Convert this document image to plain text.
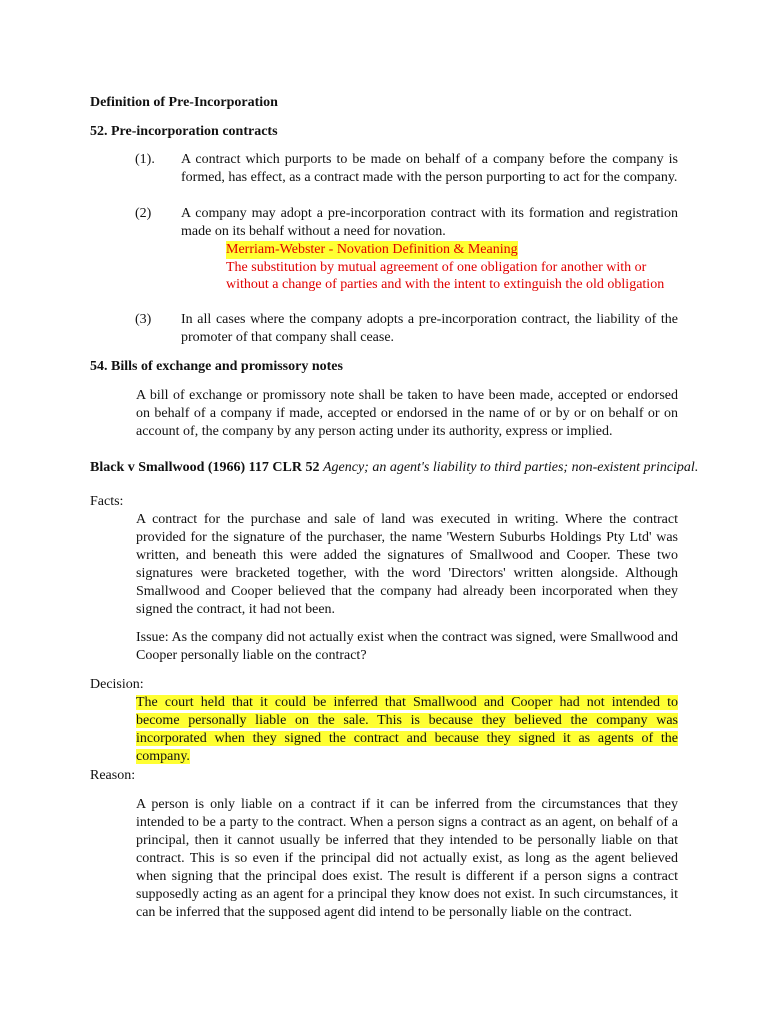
Definition of Pre-Incorporation
52. Pre-incorporation contracts
(1). A contract which purports to be made on behalf of a company before the company is formed, has effect, as a contract made with the person purporting to act for the company.
(2) A company may adopt a pre-incorporation contract with its formation and registration made on its behalf without a need for novation.
Merriam-Webster - Novation Definition & Meaning
The substitution by mutual agreement of one obligation for another with or
without a change of parties and with the intent to extinguish the old obligation
(3) In all cases where the company adopts a pre-incorporation contract, the liability of the promoter of that company shall cease.
54. Bills of exchange and promissory notes
A bill of exchange or promissory note shall be taken to have been made, accepted or endorsed on behalf of a company if made, accepted or endorsed in the name of or by or on behalf or on account of, the company by any person acting under its authority, express or implied.
Black v Smallwood (1966) 117 CLR 52 Agency; an agent's liability to third parties; non-existent principal.
Facts:
A contract for the purchase and sale of land was executed in writing. Where the contract provided for the signature of the purchaser, the name 'Western Suburbs Holdings Pty Ltd' was written, and beneath this were added the signatures of Smallwood and Cooper. These two signatures were bracketed together, with the word 'Directors' written alongside. Although Smallwood and Cooper believed that the company had already been incorporated when they signed the contract, it had not been.
Issue: As the company did not actually exist when the contract was signed, were Smallwood and Cooper personally liable on the contract?
Decision:
The court held that it could be inferred that Smallwood and Cooper had not intended to
become personally liable on the sale. This is because they believed the company was
incorporated when they signed the contract and because they signed it as agents of the
company.
Reason:
A person is only liable on a contract if it can be inferred from the circumstances that they intended to be a party to the contract. When a person signs a contract as an agent, on behalf of a principal, then it cannot usually be inferred that they intended to be personally liable on that contract. This is so even if the principal did not actually exist, as long as the agent believed when signing that the principal does exist. The result is different if a person signs a contract supposedly acting as an agent for a principal they know does not exist. In such circumstances, it can be inferred that the supposed agent did intend to be personally liable on the contract.
